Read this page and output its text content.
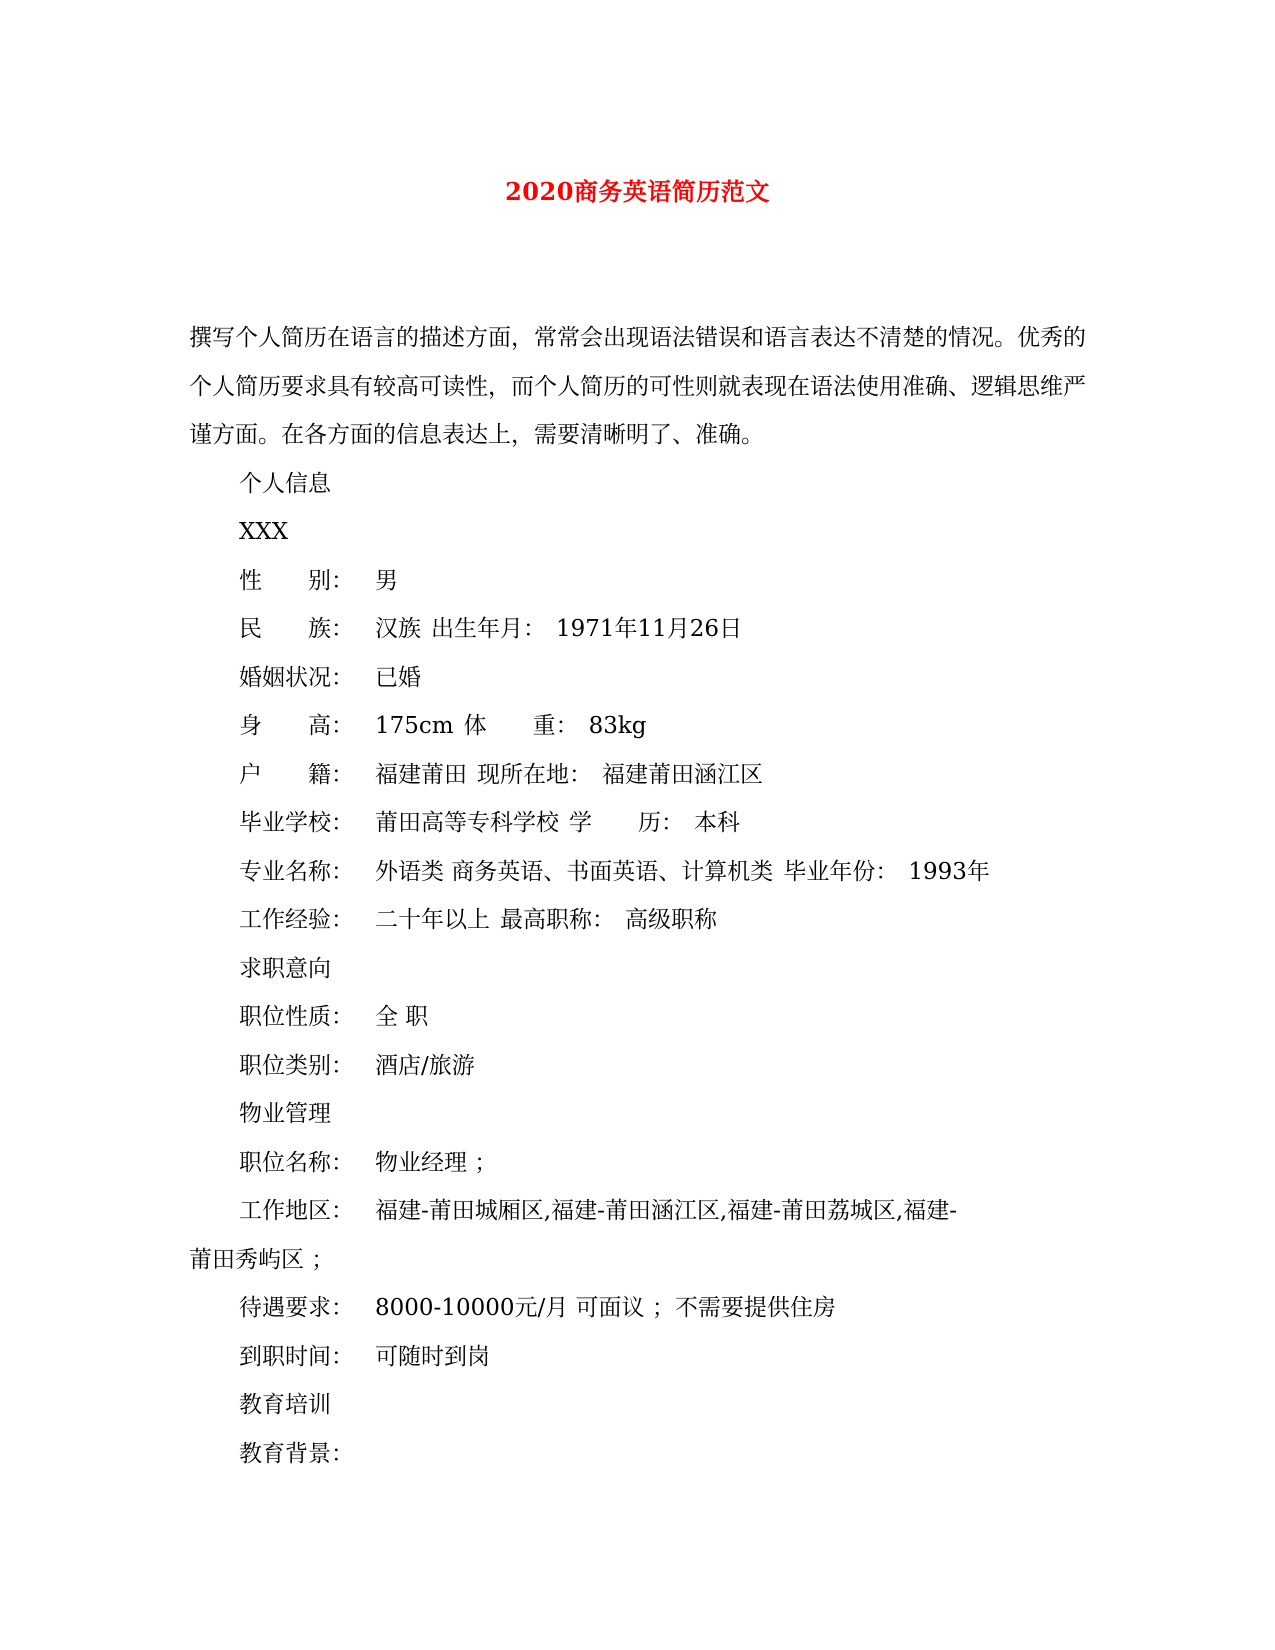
2020商务英语简历范文

撰写个人简历在语言的描述方面，常常会出现语法错误和语言表达不清楚的情况。优秀的个人简历要求具有较高可读性，而个人简历的可性则就表现在语法使用准确、逻辑思维严谨方面。在各方面的信息表达上，需要清晰明了、准确。

个人信息
XXX
性　　别： 男
民　　族： 汉族 出生年月： 1971年11月26日
婚姻状况： 已婚
身　　高： 175cm 体　　重： 83kg
户　　籍： 福建莆田 现所在地： 福建莆田涵江区
毕业学校： 莆田高等专科学校 学　　历： 本科
专业名称： 外语类 商务英语、书面英语、计算机类 毕业年份： 1993年
工作经验： 二十年以上 最高职称： 高级职称
求职意向
职位性质： 全 职
职位类别： 酒店/旅游
物业管理
职位名称： 物业经理 ；
工作地区： 福建-莆田城厢区,福建-莆田涵江区,福建-莆田荔城区,福建-
莆田秀屿区 ；
待遇要求： 8000-10000元/月 可面议 ；不需要提供住房
到职时间： 可随时到岗
教育培训
教育背景：
